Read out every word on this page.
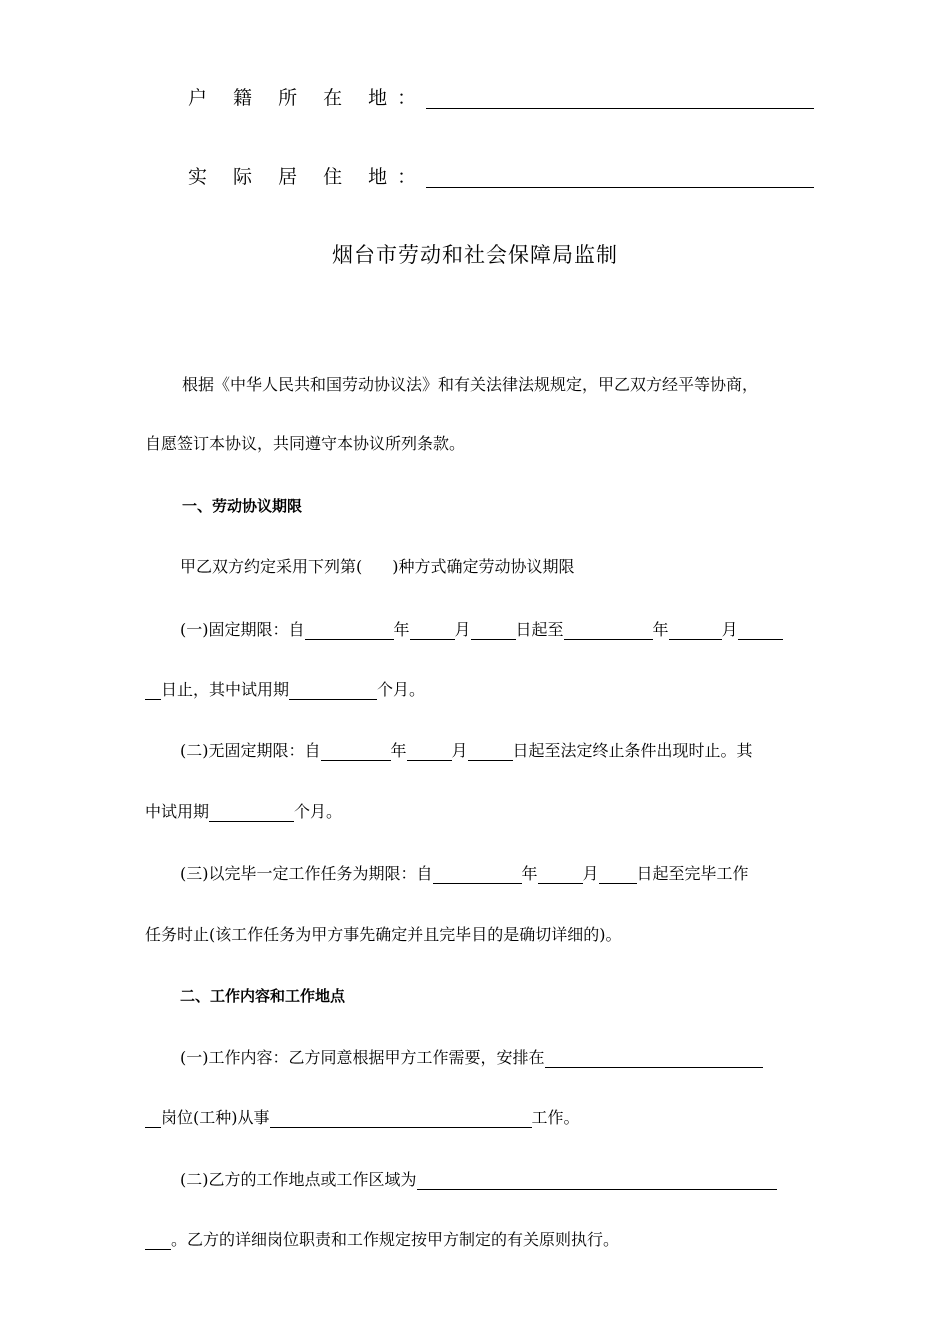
户 籍 所 在 地：
实 际 居 住 地：
烟台市劳动和社会保障局监制
根据《中华人民共和国劳动协议法》和有关法律法规规定，甲乙双方经平等协商，
自愿签订本协议，共同遵守本协议所列条款。
一、劳动协议期限
甲乙双方约定采用下列第( )种方式确定劳动协议期限
(一)固定期限：自	年	月	日起至	年	月
日止，其中试用期	个月。
(二)无固定期限：自	年	月	日起至法定终止条件出现时止。其
中试用期	个月。
(三)以完毕一定工作任务为期限：自	年	月 日起至完毕工作
任务时止(该工作任务为甲方事先确定并且完毕目的是确切详细的)。
二、工作内容和工作地点
(一)工作内容：乙方同意根据甲方工作需要，安排在
岗位(工种)从事	工作。
(二)乙方的工作地点或工作区域为
。乙方的详细岗位职责和工作规定按甲方制定的有关原则执行。
